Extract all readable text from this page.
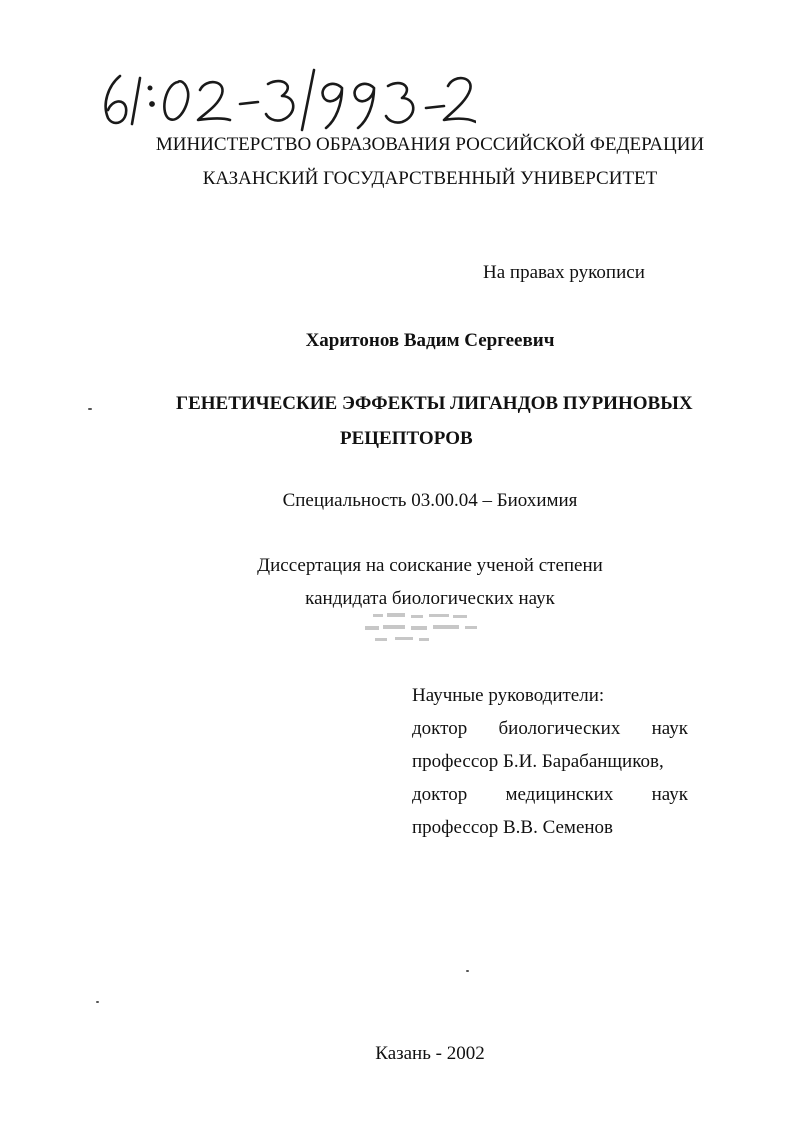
МИНИСТЕРСТВО ОБРАЗОВАНИЯ РОССИЙСКОЙ ФЕДЕРАЦИИ
КАЗАНСКИЙ ГОСУДАРСТВЕННЫЙ УНИВЕРСИТЕТ
На правах рукописи
Харитонов Вадим Сергеевич
ГЕНЕТИЧЕСКИЕ ЭФФЕКТЫ ЛИГАНДОВ ПУРИНОВЫХ
РЕЦЕПТОРОВ
Специальность 03.00.04 – Биохимия
Диссертация на соискание ученой степени
кандидата биологических наук
Научные руководители:
доктор биологических наук
профессор Б.И. Барабанщиков,
доктор медицинских наук
профессор В.В. Семенов
Казань - 2002
